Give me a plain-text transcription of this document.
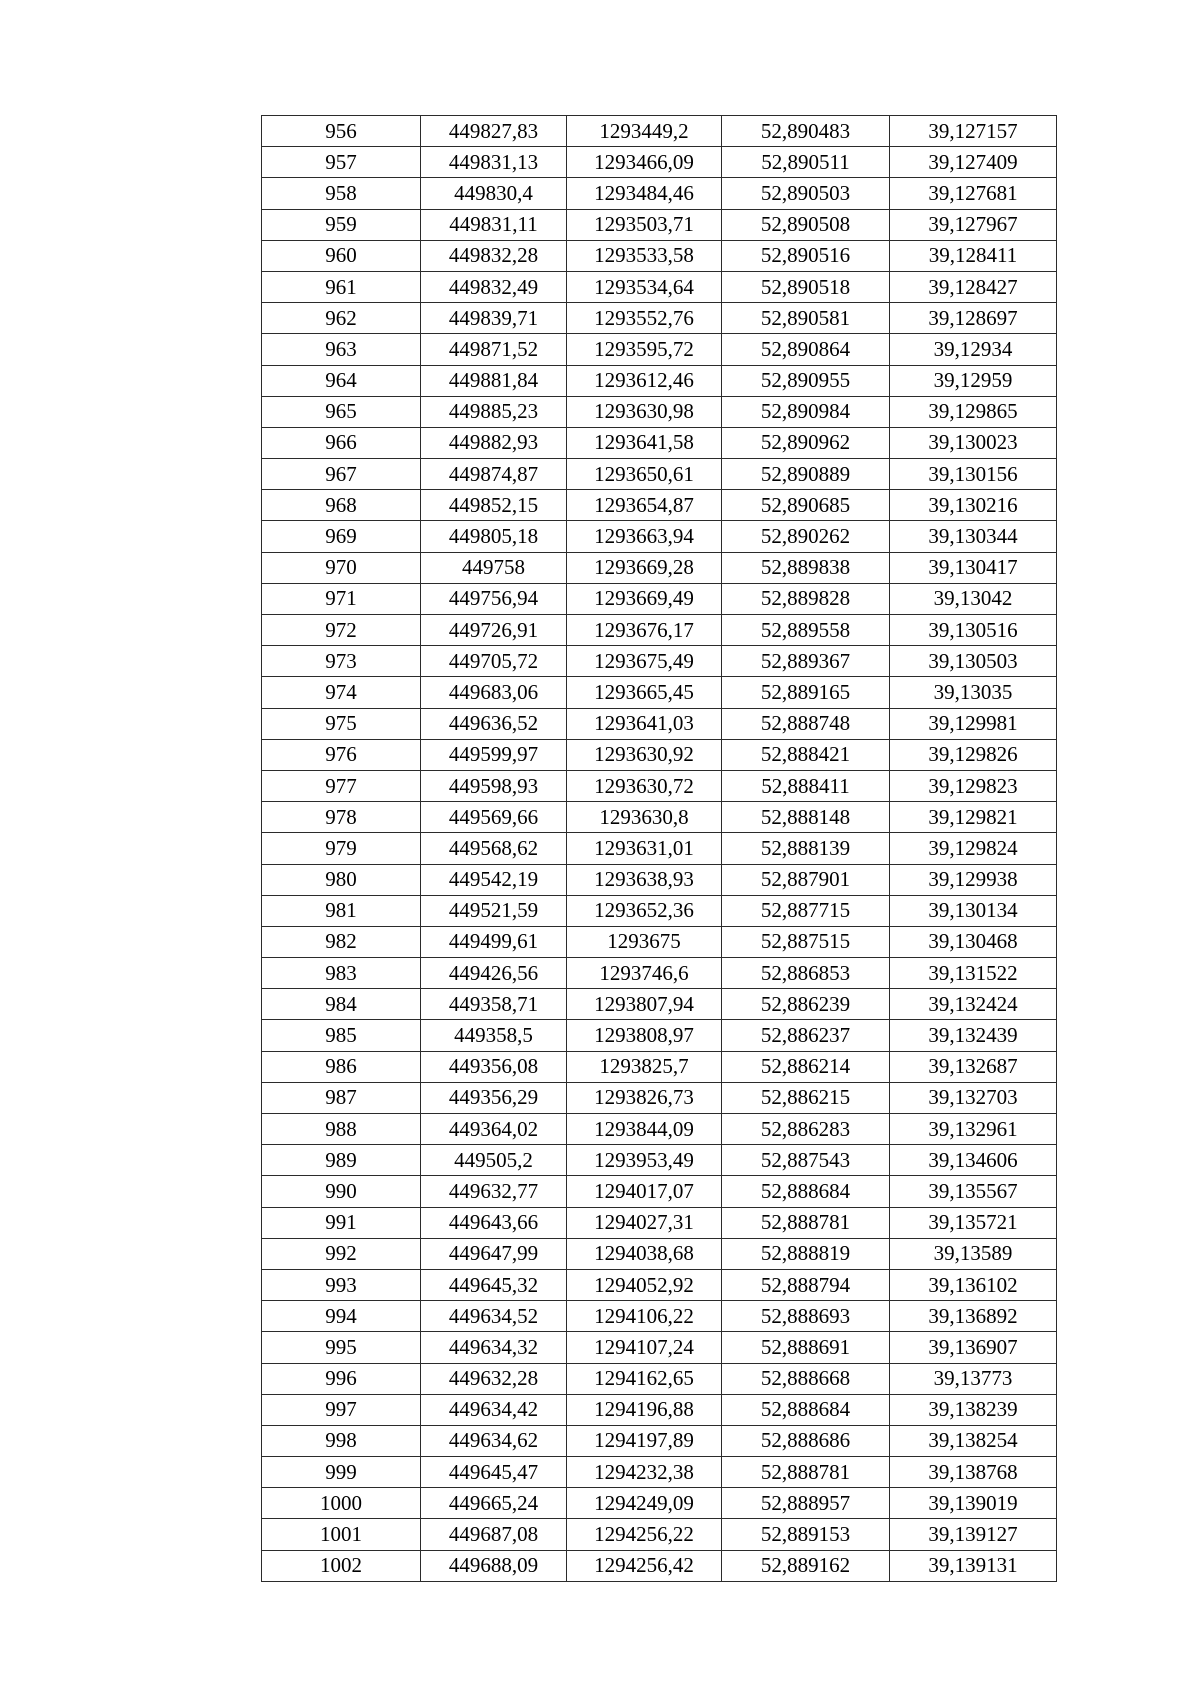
956	449827,83	1293449,2	52,890483	39,127157
957	449831,13	1293466,09	52,890511	39,127409
958	449830,4	1293484,46	52,890503	39,127681
959	449831,11	1293503,71	52,890508	39,127967
960	449832,28	1293533,58	52,890516	39,128411
961	449832,49	1293534,64	52,890518	39,128427
962	449839,71	1293552,76	52,890581	39,128697
963	449871,52	1293595,72	52,890864	39,12934
964	449881,84	1293612,46	52,890955	39,12959
965	449885,23	1293630,98	52,890984	39,129865
966	449882,93	1293641,58	52,890962	39,130023
967	449874,87	1293650,61	52,890889	39,130156
968	449852,15	1293654,87	52,890685	39,130216
969	449805,18	1293663,94	52,890262	39,130344
970	449758	1293669,28	52,889838	39,130417
971	449756,94	1293669,49	52,889828	39,13042
972	449726,91	1293676,17	52,889558	39,130516
973	449705,72	1293675,49	52,889367	39,130503
974	449683,06	1293665,45	52,889165	39,13035
975	449636,52	1293641,03	52,888748	39,129981
976	449599,97	1293630,92	52,888421	39,129826
977	449598,93	1293630,72	52,888411	39,129823
978	449569,66	1293630,8	52,888148	39,129821
979	449568,62	1293631,01	52,888139	39,129824
980	449542,19	1293638,93	52,887901	39,129938
981	449521,59	1293652,36	52,887715	39,130134
982	449499,61	1293675	52,887515	39,130468
983	449426,56	1293746,6	52,886853	39,131522
984	449358,71	1293807,94	52,886239	39,132424
985	449358,5	1293808,97	52,886237	39,132439
986	449356,08	1293825,7	52,886214	39,132687
987	449356,29	1293826,73	52,886215	39,132703
988	449364,02	1293844,09	52,886283	39,132961
989	449505,2	1293953,49	52,887543	39,134606
990	449632,77	1294017,07	52,888684	39,135567
991	449643,66	1294027,31	52,888781	39,135721
992	449647,99	1294038,68	52,888819	39,13589
993	449645,32	1294052,92	52,888794	39,136102
994	449634,52	1294106,22	52,888693	39,136892
995	449634,32	1294107,24	52,888691	39,136907
996	449632,28	1294162,65	52,888668	39,13773
997	449634,42	1294196,88	52,888684	39,138239
998	449634,62	1294197,89	52,888686	39,138254
999	449645,47	1294232,38	52,888781	39,138768
1000	449665,24	1294249,09	52,888957	39,139019
1001	449687,08	1294256,22	52,889153	39,139127
1002	449688,09	1294256,42	52,889162	39,139131
